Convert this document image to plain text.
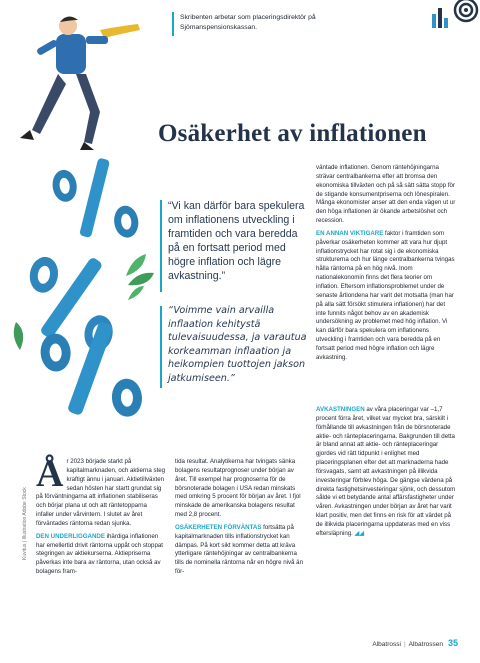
Skribenten arbetar som placeringsdirektör på Sjömanspensionskassan.
Osäkerhet av inflationen
“Vi kan därför bara spekulera om inflationens utveckling i framtiden och vara beredda på en fortsatt period med högre inflation och lägre avkastning.”
“Voimme vain arvailla inflaation kehitystä tulevaisuudessa, ja varautua korkeamman inflaation ja heikompien tuottojen jakson jatkumiseen.”

väntade inflationen. Genom räntehöjningarna strävar centralbankerna efter att bromsa den ekonomiska tillväxten och på så sätt sätta stopp för de stigande konsumentpriserna och lönespiralen. Många ekonomister anser att den enda vägen ut ur den höga inflationen är ökande arbetslöshet och recession.

EN ANNAN VIKTIGARE faktor i framtiden som påverkar osäkerheten kommer att vara hur djupt inflationstrycket har rotat sig i de ekonomiska strukturerna och hur länge centralbankerna tvingas hålla räntorna på en hög nivå. Inom nationalekonomin finns det flera teorier om inflation. Eftersom inflationsproblemet under de senaste årtiondena har varit det motsatta (man har på alla sätt försökt stimulera inflationen) har det inte funnits något behov av en akademisk undersökning av problemet med hög inflation. Vi kan därför bara spekulera om inflationens utveckling i framtiden och vara beredda på en fortsatt period med högre inflation och lägre avkastning.

AVKASTNINGEN av våra placeringar var –1,7 procent förra året, vilket var mycket bra, särskilt i förhållande till avkastningen från de börsnoterade aktie- och ränteplaceringarna. Bakgrunden till detta är bland annat att aktie- och ränteplaceringar gjordes vid rätt tidpunkt i enlighet med placeringsplanen efter det att marknaderna hade försvagats, samt att avkastningen på illikvida investeringar förblev höga. De gängse värdena på direkta fastighetsinvesteringar sjönk, och dessutom sålde vi ett betydande antal affärsfastigheter under våren. Avkastningen under början av året har varit klart positiv, men det finns en risk för att värdet på de illikvida placeringarna uppdateras med en viss eftersläpning. ◢◢

År 2023 började starkt på kapitalmarknaden, och aktierna steg kraftigt ännu i januari. Aktietillväxten sedan hösten har startt grundat sig på förväntningarna att inflationen stabiliseras och börjar plana ut och att räntetopparna infaller under vårvintern. I slutet av året förväntades räntorna redan sjunka.

DEN UNDERLIGGANDE ihärdiga inflationen har emellertid drivit räntorna uppåt och stoppat stegringen av aktiekurserna. Aktiepriserna påverkas inte bara av räntorna, utan också av bolagens fram-

tida resultat. Analytikerna har tvingats sänka bolagens resultatprognoser under början av året. Till exempel har prognoserna för de börsnoterade bolagen i USA redan minskats med omkring 5 procent för början av året. I fjol minskade de amerikanska bolagens resultat med 2,8 procent.

OSÄKERHETEN FÖRVÄNTAS fortsätta på kapitalmarknaden tills inflationstrycket kan dämpas. På kort sikt kommer detta att kräva ytterligare räntehöjningar av centralbankerna tills de nominella räntorna når en högre nivå än för-

Kuvitus | Illustration Adobe Stock
Albatrossi | Albatrossen 35
